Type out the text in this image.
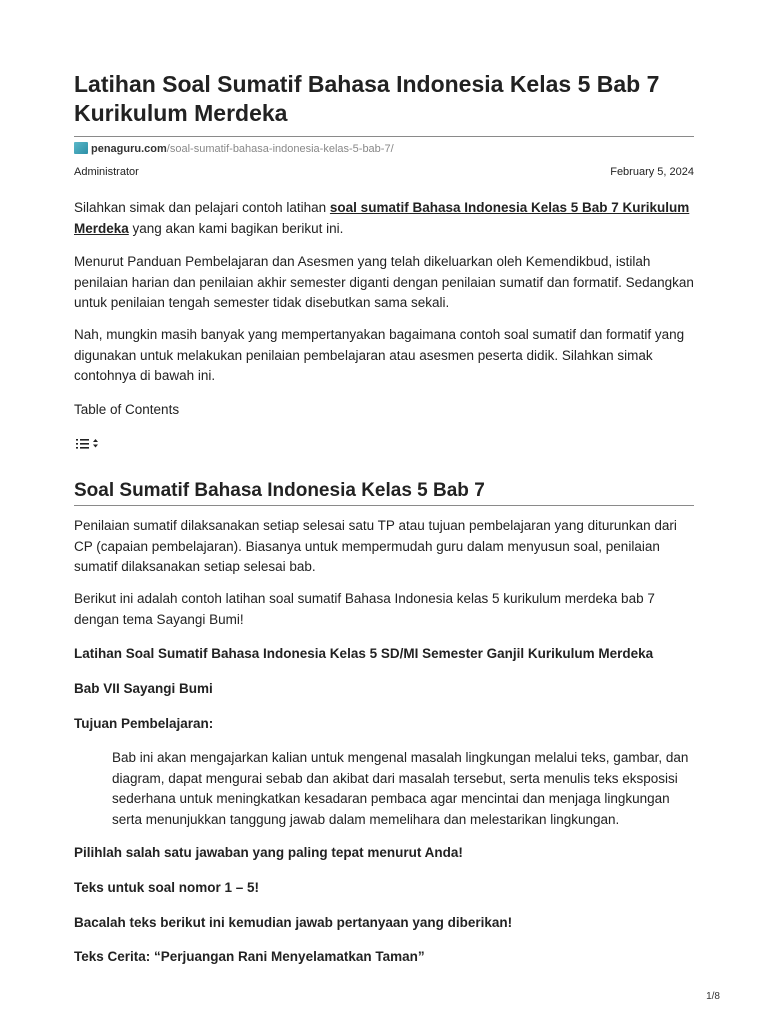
Latihan Soal Sumatif Bahasa Indonesia Kelas 5 Bab 7 Kurikulum Merdeka
penaguru.com/soal-sumatif-bahasa-indonesia-kelas-5-bab-7/
Administrator	February 5, 2024

Silahkan simak dan pelajari contoh latihan soal sumatif Bahasa Indonesia Kelas 5 Bab 7 Kurikulum Merdeka yang akan kami bagikan berikut ini.

Menurut Panduan Pembelajaran dan Asesmen yang telah dikeluarkan oleh Kemendikbud, istilah penilaian harian dan penilaian akhir semester diganti dengan penilaian sumatif dan formatif. Sedangkan untuk penilaian tengah semester tidak disebutkan sama sekali.

Nah, mungkin masih banyak yang mempertanyakan bagaimana contoh soal sumatif dan formatif yang digunakan untuk melakukan penilaian pembelajaran atau asesmen peserta didik. Silahkan simak contohnya di bawah ini.

Table of Contents

Soal Sumatif Bahasa Indonesia Kelas 5 Bab 7

Penilaian sumatif dilaksanakan setiap selesai satu TP atau tujuan pembelajaran yang diturunkan dari CP (capaian pembelajaran). Biasanya untuk mempermudah guru dalam menyusun soal, penilaian sumatif dilaksanakan setiap selesai bab.

Berikut ini adalah contoh latihan soal sumatif Bahasa Indonesia kelas 5 kurikulum merdeka bab 7 dengan tema Sayangi Bumi!

Latihan Soal Sumatif Bahasa Indonesia Kelas 5 SD/MI Semester Ganjil Kurikulum Merdeka

Bab VII Sayangi Bumi

Tujuan Pembelajaran:

Bab ini akan mengajarkan kalian untuk mengenal masalah lingkungan melalui teks, gambar, dan diagram, dapat mengurai sebab dan akibat dari masalah tersebut, serta menulis teks eksposisi sederhana untuk meningkatkan kesadaran pembaca agar mencintai dan menjaga lingkungan serta menunjukkan tanggung jawab dalam memelihara dan melestarikan lingkungan.

Pilihlah salah satu jawaban yang paling tepat menurut Anda!

Teks untuk soal nomor 1 – 5!

Bacalah teks berikut ini kemudian jawab pertanyaan yang diberikan!

Teks Cerita: “Perjuangan Rani Menyelamatkan Taman”

1/8
